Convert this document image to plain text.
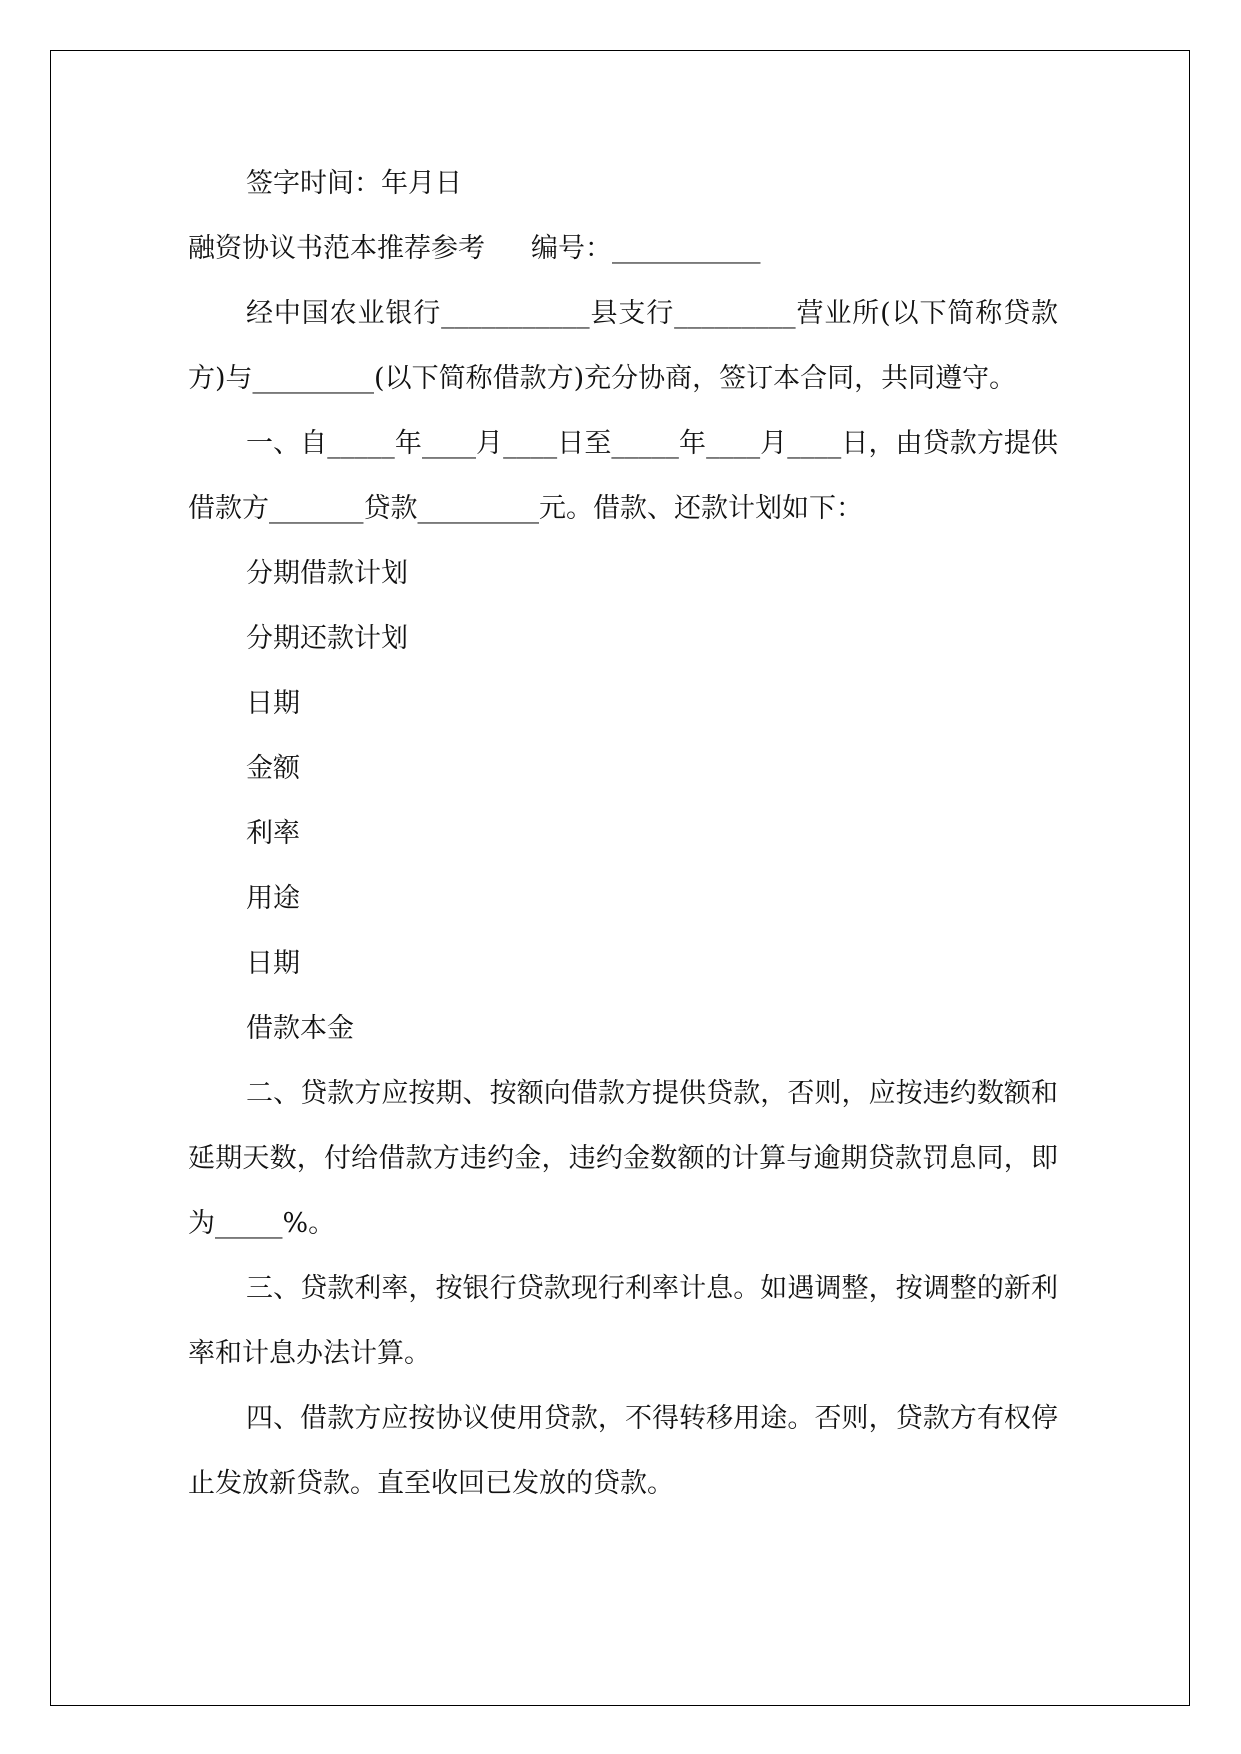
签字时间：年月日

融资协议书范本推荐参考 编号：___________

经中国农业银行___________县支行_________营业所(以下简称贷款方)与_________(以下简称借款方)充分协商，签订本合同，共同遵守。

一、自_____年____月____日至_____年____月____日，由贷款方提供借款方_______贷款_________元。借款、还款计划如下：

分期借款计划

分期还款计划

日期

金额

利率

用途

日期

借款本金

二、贷款方应按期、按额向借款方提供贷款，否则，应按违约数额和延期天数，付给借款方违约金，违约金数额的计算与逾期贷款罚息同，即为_____%。

三、贷款利率，按银行贷款现行利率计息。如遇调整，按调整的新利率和计息办法计算。

四、借款方应按协议使用贷款，不得转移用途。否则，贷款方有权停止发放新贷款。直至收回已发放的贷款。
